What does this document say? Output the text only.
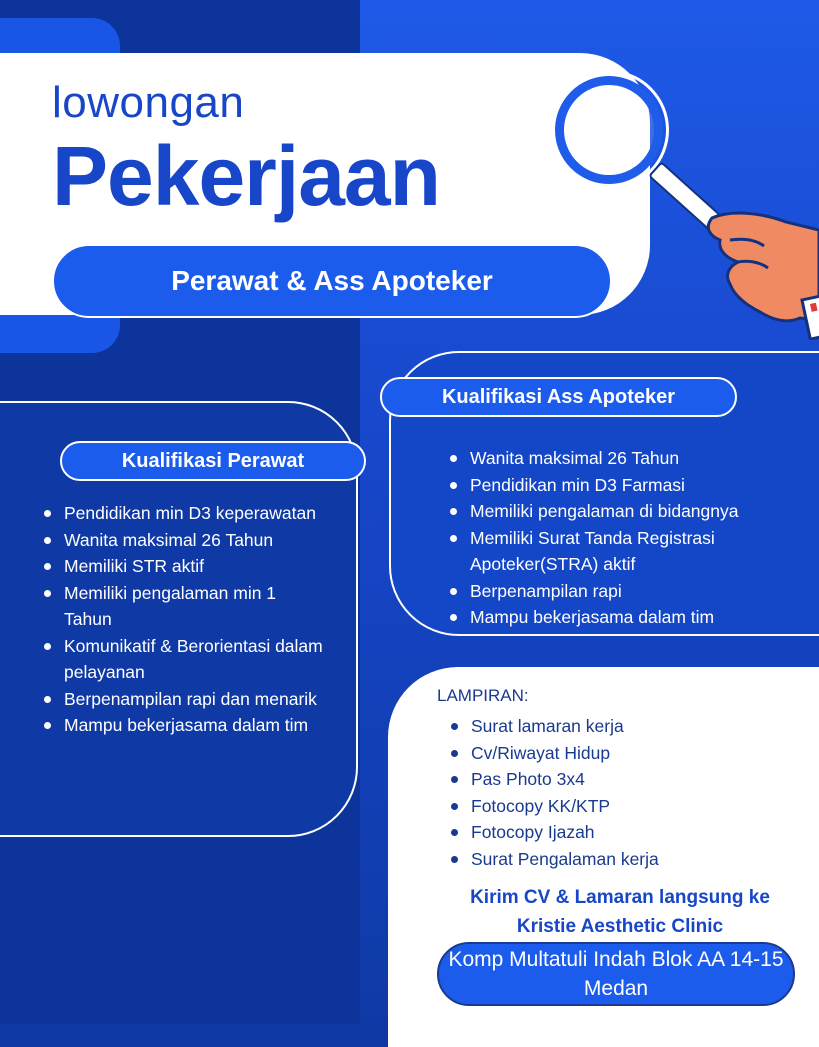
lowongan
Pekerjaan
Perawat & Ass Apoteker
Kualifikasi Perawat
Pendidikan min D3 keperawatan
Wanita maksimal 26 Tahun
Memiliki STR aktif
Memiliki pengalaman min 1 Tahun
Komunikatif & Berorientasi dalam pelayanan
Berpenampilan rapi dan menarik
Mampu bekerjasama dalam tim
Kualifikasi Ass Apoteker
Wanita maksimal 26 Tahun
Pendidikan min D3 Farmasi
Memiliki pengalaman di bidangnya
Memiliki Surat Tanda Registrasi Apoteker(STRA) aktif
Berpenampilan rapi
Mampu bekerjasama dalam tim
LAMPIRAN:
Surat lamaran kerja
Cv/Riwayat Hidup
Pas Photo 3x4
Fotocopy KK/KTP
Fotocopy Ijazah
Surat Pengalaman kerja
Kirim CV & Lamaran langsung ke
Kristie Aesthetic Clinic
Komp Multatuli Indah Blok AA 14-15 Medan
